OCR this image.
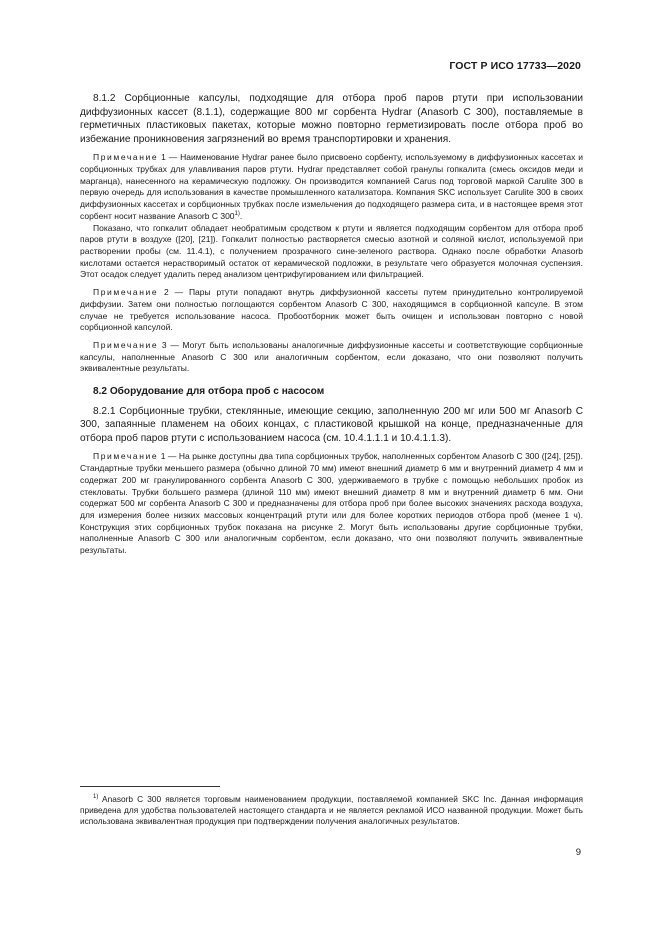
ГОСТ Р ИСО 17733—2020

8.1.2 Сорбционные капсулы, подходящие для отбора проб паров ртути при использовании диффузионных кассет (8.1.1), содержащие 800 мг сорбента Hydrar (Anasorb C 300), поставляемые в герметичных пластиковых пакетах, которые можно повторно герметизировать после отбора проб во избежание проникновения загрязнений во время транспортировки и хранения.

Примечание 1 — Наименование Hydrar ранее было присвоено сорбенту, используемому в диффузионных кассетах и сорбционных трубках для улавливания паров ртути. Hydrar представляет собой гранулы гопкалита (смесь оксидов меди и марганца), нанесенного на керамическую подложку. Он производится компанией Carus под торговой маркой Carulite 300 в первую очередь для использования в качестве промышленного катализатора. Компания SKC использует Carulite 300 в своих диффузионных кассетах и сорбционных трубках после измельчения до подходящего размера сита, и в настоящее время этот сорбент носит название Anasorb C 300$^{1)}$.

Показано, что гопкалит обладает необратимым сродством к ртути и является подходящим сорбентом для отбора проб паров ртути в воздухе ([20], [21]). Гопкалит полностью растворяется смесью азотной и соляной кислот, используемой при растворении пробы (см. 11.4.1), с получением прозрачного сине-зеленого раствора. Однако после обработки Anasorb кислотами остается нерастворимый остаток от керамической подложки, в результате чего образуется молочная суспензия. Этот осадок следует удалить перед анализом центрифугированием или фильтрацией.

Примечание 2 — Пары ртути попадают внутрь диффузионной кассеты путем принудительно контролируемой диффузии. Затем они полностью поглощаются сорбентом Anasorb C 300, находящимся в сорбционной капсуле. В этом случае не требуется использование насоса. Пробоотборник может быть очищен и использован повторно с новой сорбционной капсулой.

Примечание 3 — Могут быть использованы аналогичные диффузионные кассеты и соответствующие сорбционные капсулы, наполненные Anasorb C 300 или аналогичным сорбентом, если доказано, что они позволяют получить эквивалентные результаты.

8.2 Оборудование для отбора проб с насосом

8.2.1 Сорбционные трубки, стеклянные, имеющие секцию, заполненную 200 мг или 500 мг Anasorb C 300, запаянные пламенем на обоих концах, с пластиковой крышкой на конце, предназначенные для отбора проб паров ртути с использованием насоса (см. 10.4.1.1.1 и 10.4.1.1.3).

Примечание 1 — На рынке доступны два типа сорбционных трубок, наполненных сорбентом Anasorb C 300 ([24], [25]). Стандартные трубки меньшего размера (обычно длиной 70 мм) имеют внешний диаметр 6 мм и внутренний диаметр 4 мм и содержат 200 мг гранулированного сорбента Anasorb C 300, удерживаемого в трубке с помощью небольших пробок из стекловаты. Трубки большего размера (длиной 110 мм) имеют внешний диаметр 8 мм и внутренний диаметр 6 мм. Они содержат 500 мг сорбента Anasorb C 300 и предназначены для отбора проб при более высоких значениях расхода воздуха, для измерения более низких массовых концентраций ртути или для более коротких периодов отбора проб (менее 1 ч). Конструкция этих сорбционных трубок показана на рисунке 2. Могут быть использованы другие сорбционные трубки, наполненные Anasorb C 300 или аналогичным сорбентом, если доказано, что они позволяют получить эквивалентные результаты.

$^{1)}$ Anasorb C 300 является торговым наименованием продукции, поставляемой компанией SKC Inc. Данная информация приведена для удобства пользователей настоящего стандарта и не является рекламой ИСО названной продукции. Может быть использована эквивалентная продукция при подтверждении получения аналогичных результатов.

9
